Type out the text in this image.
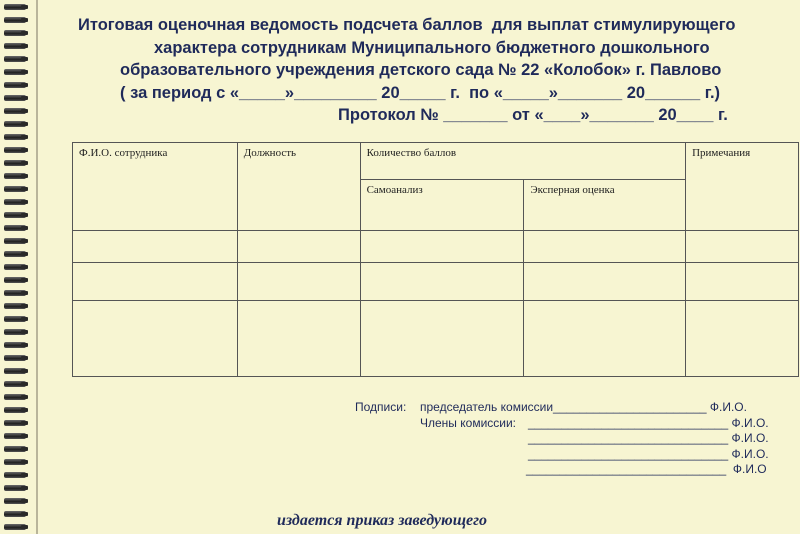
Итоговая оценочная ведомость подсчета баллов  для выплат стимулирующего
характера сотрудникам Муниципального бюджетного дошкольного
образовательного учреждения детского сада № 22 «Колобок» г. Павлово
( за период с «_____»_________ 20_____ г.  по «_____»_______ 20______ г.)
Протокол № _______ от «____»_______ 20____ г.
Ф.И.О. сотрудника	Должность	Количество баллов		Примечания
		Самоанализ	Эксперная оценка	

Подписи: председатель комиссии_______________________ Ф.И.О.
Члены комиссии: ______________________________ Ф.И.О.
______________________________ Ф.И.О.
______________________________ Ф.И.О.
______________________________  Ф.И.О
издается приказ заведующего
